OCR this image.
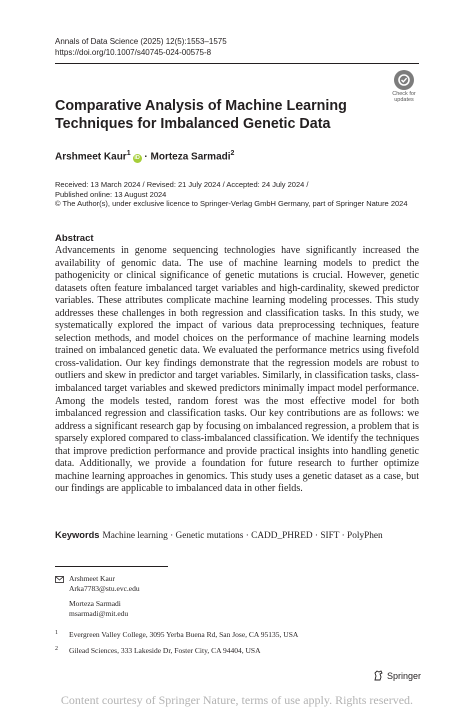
Annals of Data Science (2025) 12(5):1553–1575
https://doi.org/10.1007/s40745-024-00575-8
Check for
updates
Comparative Analysis of Machine Learning Techniques for Imbalanced Genetic Data
Arshmeet Kaur$^1$iD · Morteza Sarmadi$^2$
Received: 13 March 2024 / Revised: 21 July 2024 / Accepted: 24 July 2024 /
Published online: 13 August 2024
© The Author(s), under exclusive licence to Springer-Verlag GmbH Germany, part of Springer Nature 2024
Abstract
Advancements in genome sequencing technologies have significantly increased the availability of genomic data. The use of machine learning models to predict the pathogenicity or clinical significance of genetic mutations is crucial. However, genetic datasets often feature imbalanced target variables and high-cardinality, skewed predictor variables. These attributes complicate machine learning modeling processes. This study addresses these challenges in both regression and classification tasks. In this study, we systematically explored the impact of various data preprocessing techniques, feature selection methods, and model choices on the performance of machine learning models trained on imbalanced genetic data. We evaluated the performance metrics using fivefold cross-validation. Our key findings demonstrate that the regression models are robust to outliers and skew in predictor and target variables. Similarly, in classification tasks, class-imbalanced target variables and skewed predictors minimally impact model performance. Among the models tested, random forest was the most effective model for both imbalanced regression and classification tasks. Our key contributions are as follows: we address a significant research gap by focusing on imbalanced regression, a problem that is sparsely explored compared to class-imbalanced classification. We identify the techniques that improve prediction performance and provide practical insights into handling genetic data. Additionally, we provide a foundation for future research to further optimize machine learning approaches in genomics. This study uses a genetic dataset as a case, but our findings are applicable to imbalanced data in other fields.
Keywords Machine learning · Genetic mutations · CADD_PHRED · SIFT · PolyPhen
Arshmeet Kaur
Arka7783@stu.evc.edu
Morteza Sarmadi
msarmadi@mit.edu
1 Evergreen Valley College, 3095 Yerba Buena Rd, San Jose, CA 95135, USA
2 Gilead Sciences, 333 Lakeside Dr, Foster City, CA 94404, USA
Springer
Content courtesy of Springer Nature, terms of use apply. Rights reserved.
